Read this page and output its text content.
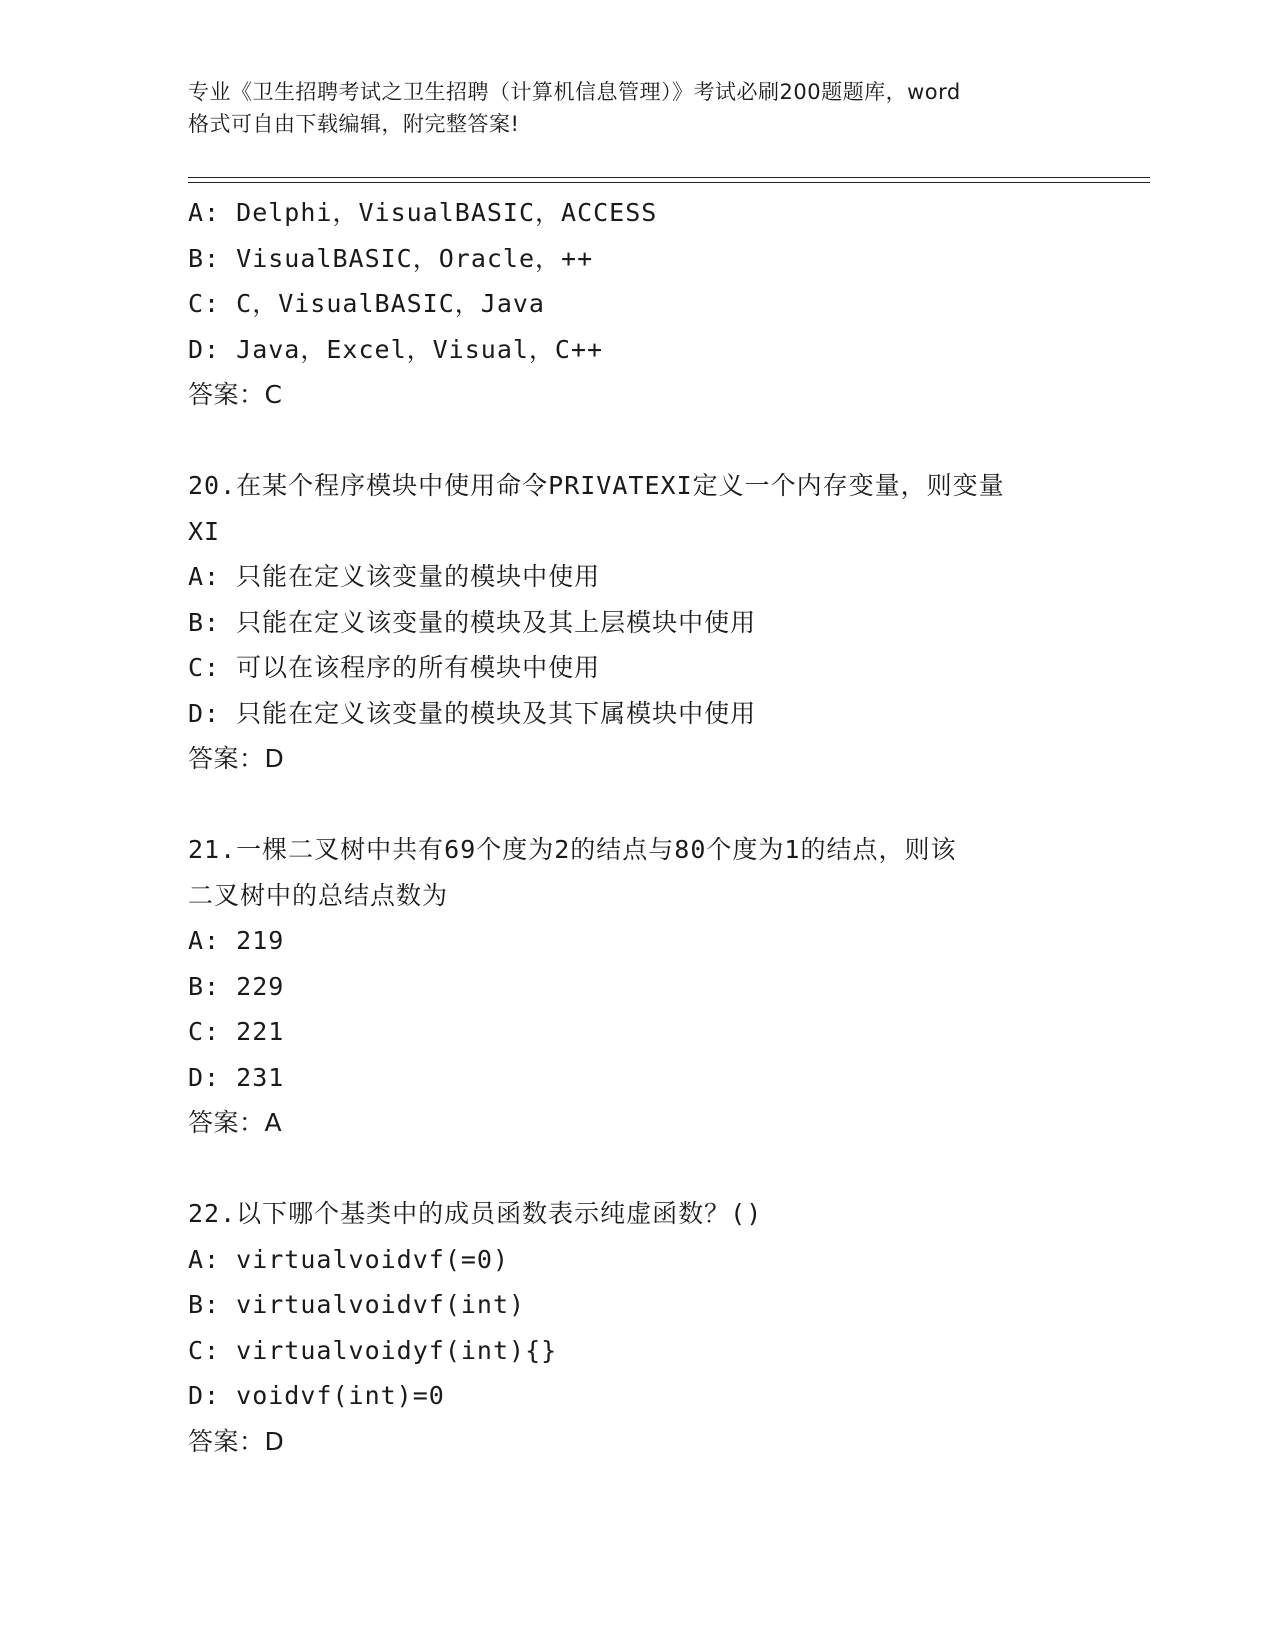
专业《卫生招聘考试之卫生招聘（计算机信息管理）》考试必刷200题题库，word
格式可自由下载编辑，附完整答案!
A: Delphi，VisualBASIC，ACCESS
B: VisualBASIC，Oracle，++
C: C，VisualBASIC，Java
D: Java，Excel，Visual，C++
答案：C
20.在某个程序模块中使用命令PRIVATEXI定义一个内存变量，则变量
XI
A: 只能在定义该变量的模块中使用
B: 只能在定义该变量的模块及其上层模块中使用
C: 可以在该程序的所有模块中使用
D: 只能在定义该变量的模块及其下属模块中使用
答案：D
21.一棵二叉树中共有69个度为2的结点与80个度为1的结点，则该
二叉树中的总结点数为
A: 219
B: 229
C: 221
D: 231
答案：A
22.以下哪个基类中的成员函数表示纯虚函数？()
A: virtualvoidvf(=0)
B: virtualvoidvf(int)
C: virtualvoidyf(int){}
D: voidvf(int)=0
答案：D
